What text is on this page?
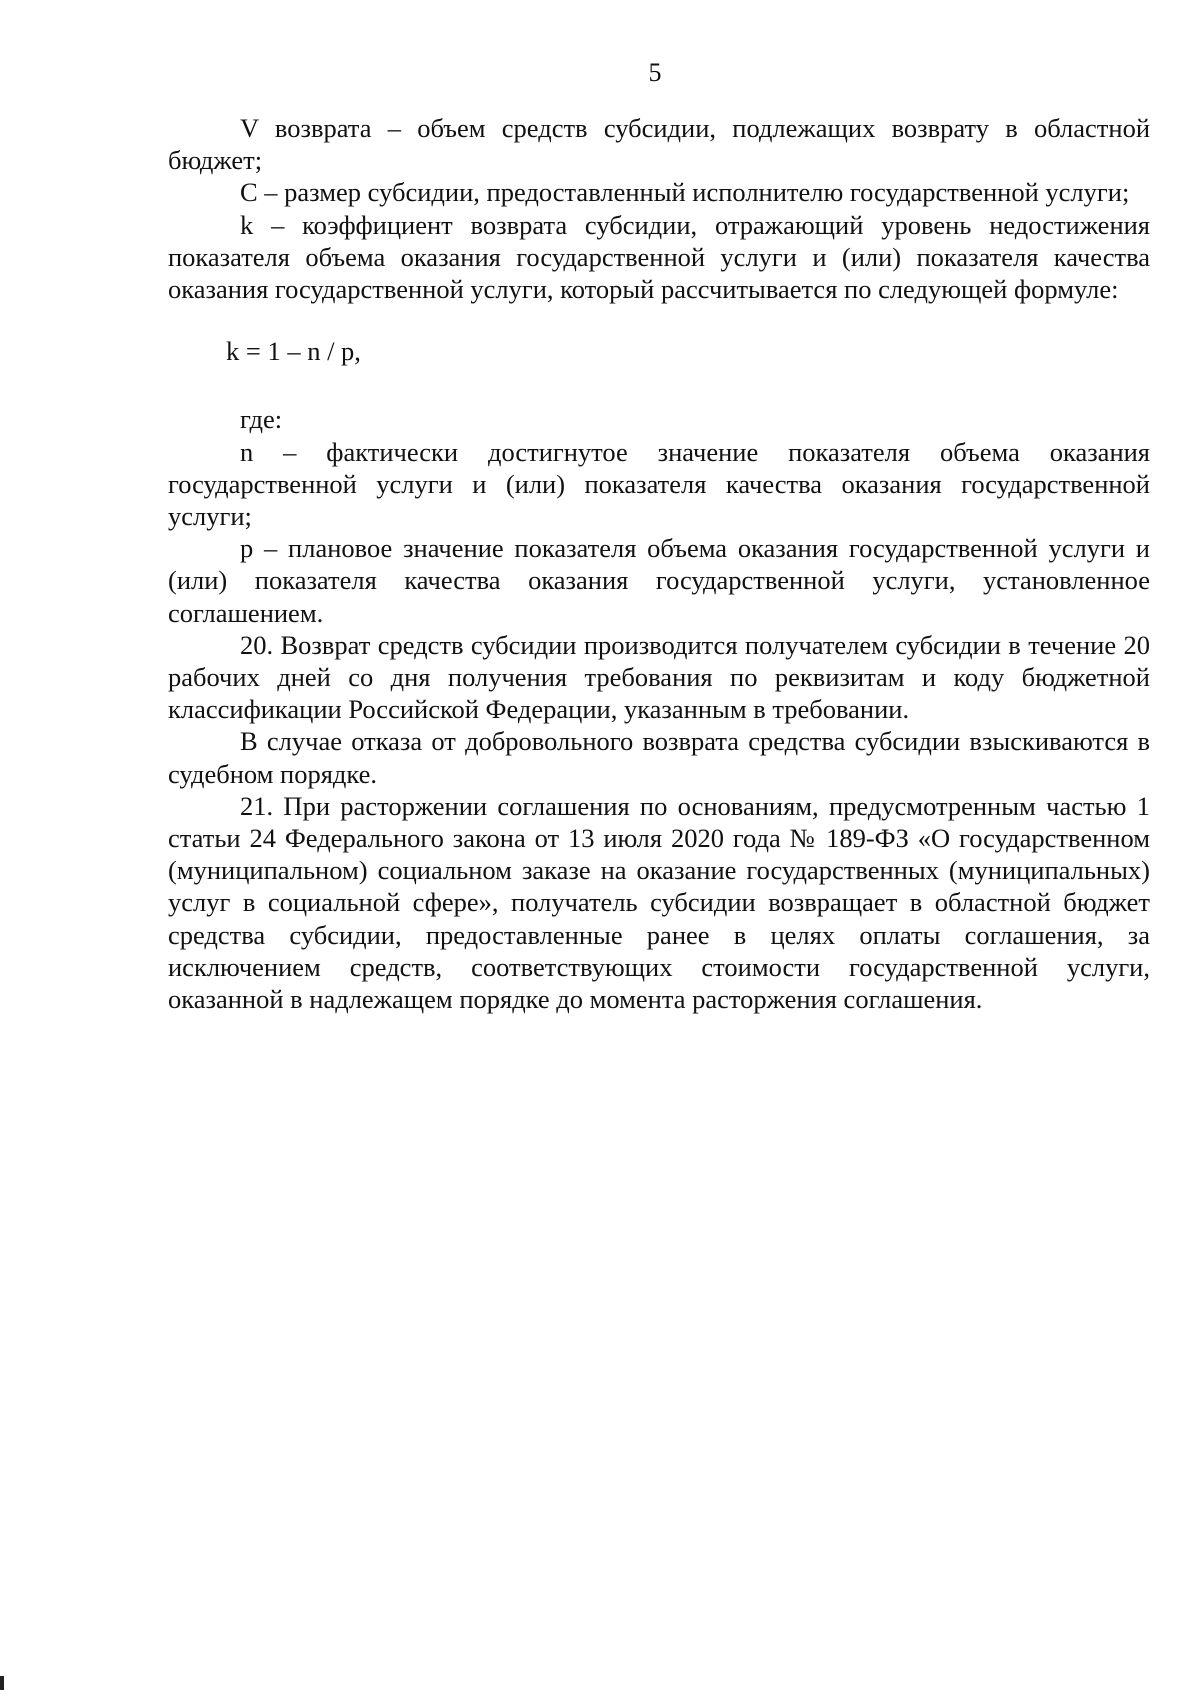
5

V возврата – объем средств субсидии, подлежащих возврату в областной бюджет;

С – размер субсидии, предоставленный исполнителю государственной услуги;

k – коэффициент возврата субсидии, отражающий уровень недостижения показателя объема оказания государственной услуги и (или) показателя качества оказания государственной услуги, который рассчитывается по следующей формуле:

k = 1 – n / p,

где:

n – фактически достигнутое значение показателя объема оказания государственной услуги и (или) показателя качества оказания государственной услуги;

p – плановое значение показателя объема оказания государственной услуги и (или) показателя качества оказания государственной услуги, установленное соглашением.

20. Возврат средств субсидии производится получателем субсидии в течение 20 рабочих дней со дня получения требования по реквизитам и коду бюджетной классификации Российской Федерации, указанным в требовании.

В случае отказа от добровольного возврата средства субсидии взыскиваются в судебном порядке.

21. При расторжении соглашения по основаниям, предусмотренным частью 1 статьи 24 Федерального закона от 13 июля 2020 года № 189-ФЗ «О государственном (муниципальном) социальном заказе на оказание государственных (муниципальных) услуг в социальной сфере», получатель субсидии возвращает в областной бюджет средства субсидии, предоставленные ранее в целях оплаты соглашения, за исключением средств, соответствующих стоимости государственной услуги, оказанной в надлежащем порядке до момента расторжения соглашения.
